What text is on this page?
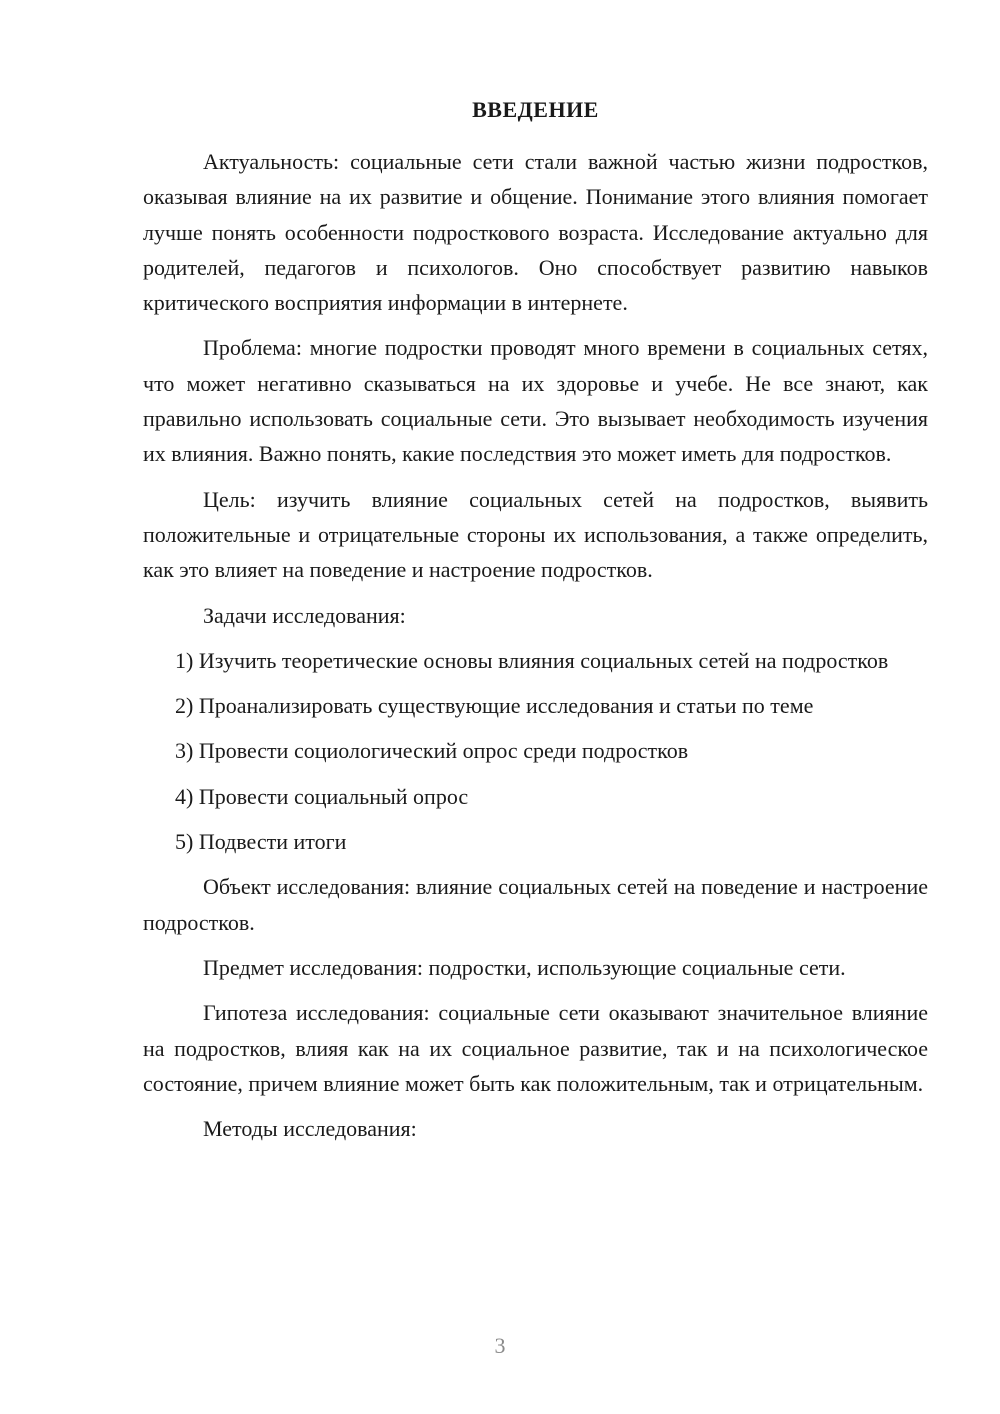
ВВЕДЕНИЕ

Актуальность: социальные сети стали важной частью жизни подростков, оказывая влияние на их развитие и общение. Понимание этого влияния помогает лучше понять особенности подросткового возраста. Исследование актуально для родителей, педагогов и психологов. Оно способствует развитию навыков критического восприятия информации в интернете.

Проблема: многие подростки проводят много времени в социальных сетях, что может негативно сказываться на их здоровье и учебе. Не все знают, как правильно использовать социальные сети. Это вызывает необходимость изучения их влияния. Важно понять, какие последствия это может иметь для подростков.

Цель: изучить влияние социальных сетей на подростков, выявить положительные и отрицательные стороны их использования, а также определить, как это влияет на поведение и настроение подростков.

Задачи исследования:

1) Изучить теоретические основы влияния социальных сетей на подростков

2) Проанализировать существующие исследования и статьи по теме

3) Провести социологический опрос среди подростков

4) Провести социальный опрос

5) Подвести итоги

Объект исследования: влияние социальных сетей на поведение и настроение подростков.

Предмет исследования: подростки, использующие социальные сети.

Гипотеза исследования: социальные сети оказывают значительное влияние на подростков, влияя как на их социальное развитие, так и на психологическое состояние, причем влияние может быть как положительным, так и отрицательным.

Методы исследования:

3
